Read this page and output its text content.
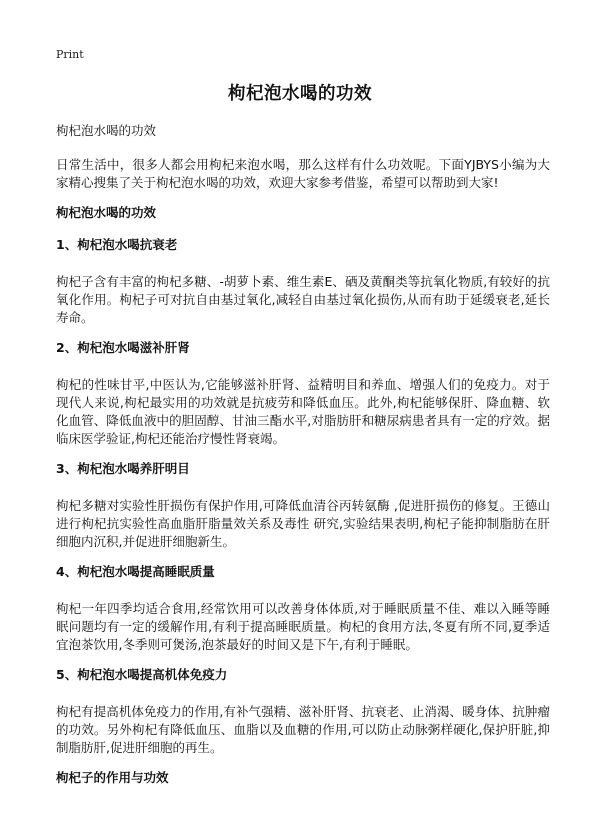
Print
枸杞泡水喝的功效
枸杞泡水喝的功效

日常生活中，很多人都会用枸杞来泡水喝，那么这样有什么功效呢。下面YJBYS小编为大家精心搜集了关于枸杞泡水喝的功效，欢迎大家参考借鉴，希望可以帮助到大家!

枸杞泡水喝的功效
1、枸杞泡水喝抗衰老

枸杞子含有丰富的枸杞多糖、-胡萝卜素、维生素E、硒及黄酮类等抗氧化物质,有较好的抗氧化作用。枸杞子可对抗自由基过氧化,减轻自由基过氧化损伤,从而有助于延缓衰老,延长寿命。

2、枸杞泡水喝滋补肝肾

枸杞的性味甘平,中医认为,它能够滋补肝肾、益精明目和养血、增强人们的免疫力。对于现代人来说,枸杞最实用的功效就是抗疲劳和降低血压。此外,枸杞能够保肝、降血糖、软化血管、降低血液中的胆固醇、甘油三酯水平,对脂肪肝和糖尿病患者具有一定的疗效。据临床医学验证,枸杞还能治疗慢性肾衰竭。

3、枸杞泡水喝养肝明目

枸杞多糖对实验性肝损伤有保护作用,可降低血清谷丙转氨酶 ,促进肝损伤的修复。王德山进行枸杞抗实验性高血脂肝脂量效关系及毒性 研究,实验结果表明,枸杞子能抑制脂肪在肝细胞内沉积,并促进肝细胞新生。

4、枸杞泡水喝提高睡眠质量

枸杞一年四季均适合食用,经常饮用可以改善身体体质,对于睡眠质量不佳、难以入睡等睡眠问题均有一定的缓解作用,有利于提高睡眠质量。枸杞的食用方法,冬夏有所不同,夏季适宜泡茶饮用,冬季则可煲汤,泡茶最好的时间又是下午,有利于睡眠。

5、枸杞泡水喝提高机体免疫力

枸杞有提高机体免疫力的作用,有补气强精、滋补肝肾、抗衰老、止消渴、暖身体、抗肿瘤的功效。另外枸杞有降低血压、血脂以及血糖的作用,可以防止动脉粥样硬化,保护肝脏,抑制脂肪肝,促进肝细胞的再生。

枸杞子的作用与功效
